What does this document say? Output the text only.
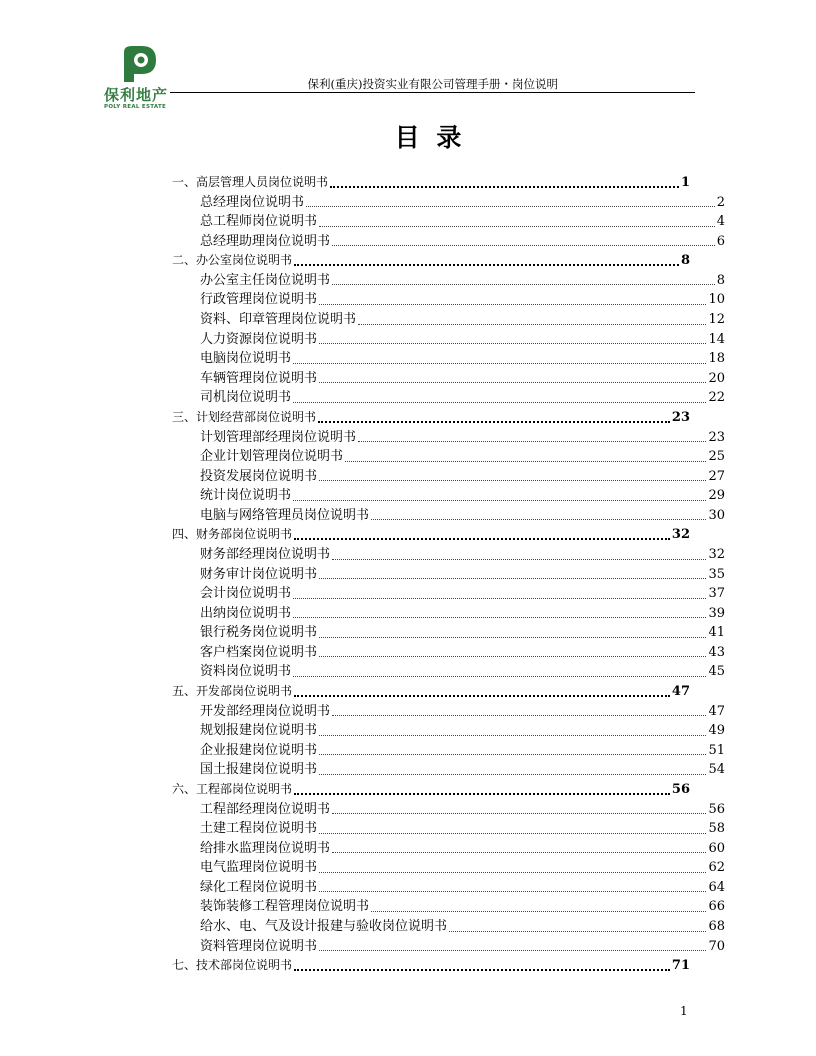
保利地产
POLY REAL ESTATE
保利(重庆)投资实业有限公司管理手册・岗位说明
目 录
一、高层管理人员岗位说明书	1
总经理岗位说明书	2
总工程师岗位说明书	4
总经理助理岗位说明书	6
二、办公室岗位说明书	8
办公室主任岗位说明书	8
行政管理岗位说明书	10
资料、印章管理岗位说明书	12
人力资源岗位说明书	14
电脑岗位说明书	18
车辆管理岗位说明书	20
司机岗位说明书	22
三、计划经营部岗位说明书	23
计划管理部经理岗位说明书	23
企业计划管理岗位说明书	25
投资发展岗位说明书	27
统计岗位说明书	29
电脑与网络管理员岗位说明书	30
四、财务部岗位说明书	32
财务部经理岗位说明书	32
财务审计岗位说明书	35
会计岗位说明书	37
出纳岗位说明书	39
银行税务岗位说明书	41
客户档案岗位说明书	43
资料岗位说明书	45
五、开发部岗位说明书	47
开发部经理岗位说明书	47
规划报建岗位说明书	49
企业报建岗位说明书	51
国土报建岗位说明书	54
六、工程部岗位说明书	56
工程部经理岗位说明书	56
土建工程岗位说明书	58
给排水监理岗位说明书	60
电气监理岗位说明书	62
绿化工程岗位说明书	64
装饰装修工程管理岗位说明书	66
给水、电、气及设计报建与验收岗位说明书	68
资料管理岗位说明书	70
七、技术部岗位说明书	71
1
